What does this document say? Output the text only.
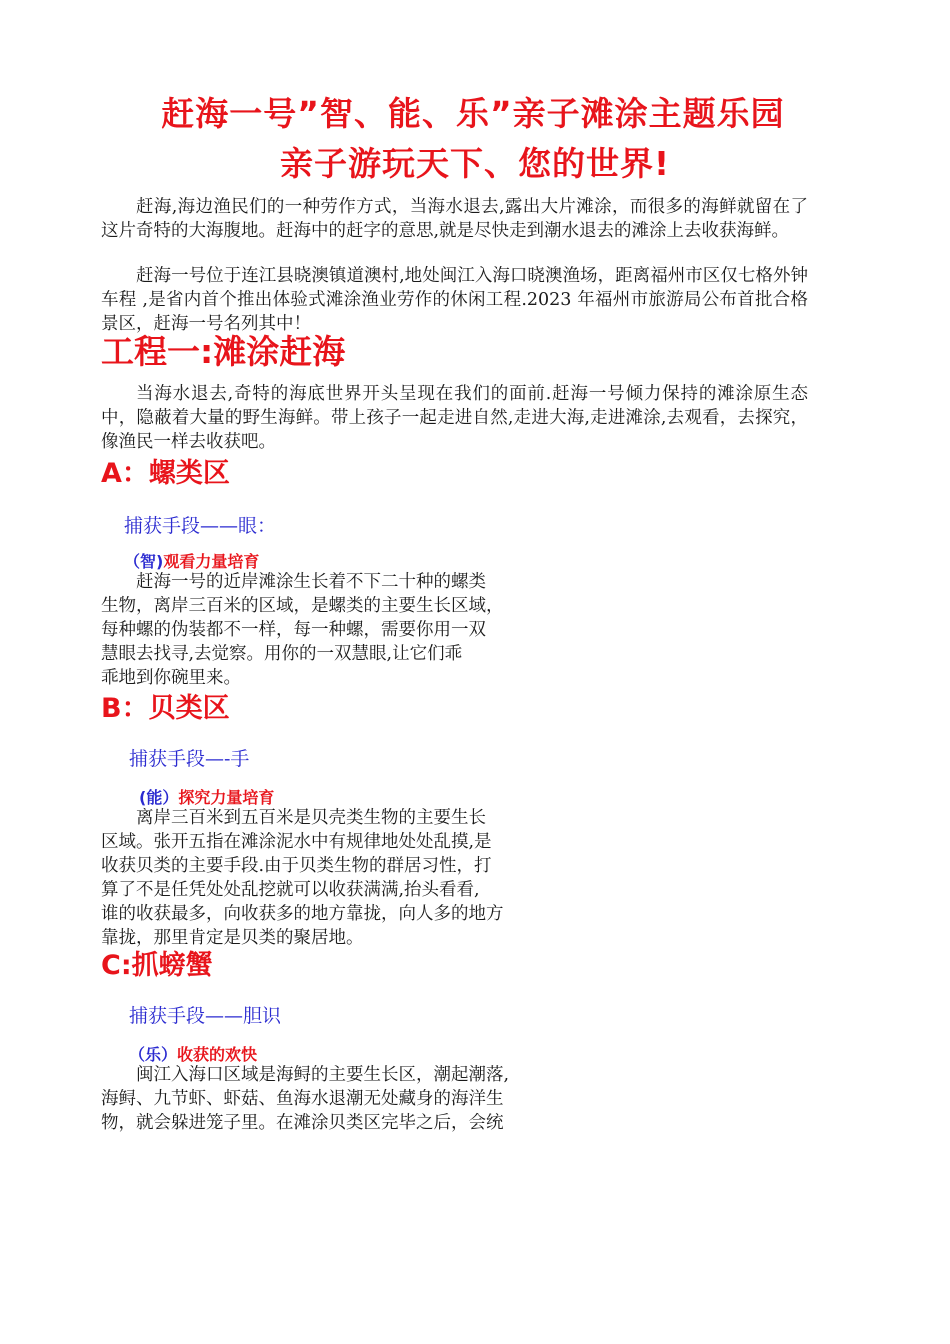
赶海一号”智、能、乐”亲子滩涂主题乐园
亲子游玩天下、您的世界!

赶海,海边渔民们的一种劳作方式，当海水退去,露出大片滩涂，而很多的海鲜就留在了这片奇特的大海腹地。赶海中的赶字的意思,就是尽快走到潮水退去的滩涂上去收获海鲜。

赶海一号位于连江县晓澳镇道澳村,地处闽江入海口晓澳渔场，距离福州市区仅七格外钟车程 ,是省内首个推出体验式滩涂渔业劳作的休闲工程.2023 年福州市旅游局公布首批合格景区，赶海一号名列其中！

工程一:滩涂赶海

当海水退去,奇特的海底世界开头呈现在我们的面前.赶海一号倾力保持的滩涂原生态中，隐蔽着大量的野生海鲜。带上孩子一起走进自然,走进大海,走进滩涂,去观看，去探究，像渔民一样去收获吧。

A：螺类区

捕获手段——眼：

（智)观看力量培育

赶海一号的近岸滩涂生长着不下二十种的螺类
生物，离岸三百米的区域，是螺类的主要生长区域，
每种螺的伪装都不一样，每一种螺，需要你用一双
慧眼去找寻,去觉察。用你的一双慧眼,让它们乖
乖地到你碗里来。
B：贝类区

捕获手段—-手

(能）探究力量培育

离岸三百米到五百米是贝壳类生物的主要生长
区域。张开五指在滩涂泥水中有规律地处处乱摸,是
收获贝类的主要手段.由于贝类生物的群居习性，打
算了不是任凭处处乱挖就可以收获满满,抬头看看,
谁的收获最多，向收获多的地方靠拢，向人多的地方
靠拢，那里肯定是贝类的聚居地。
C:抓螃蟹

捕获手段——胆识

（乐）收获的欢快

闽江入海口区域是海鲟的主要生长区，潮起潮落,
海鲟、九节虾、虾菇、鱼海水退潮无处藏身的海洋生
物，就会躲进笼子里。在滩涂贝类区完毕之后，会统
